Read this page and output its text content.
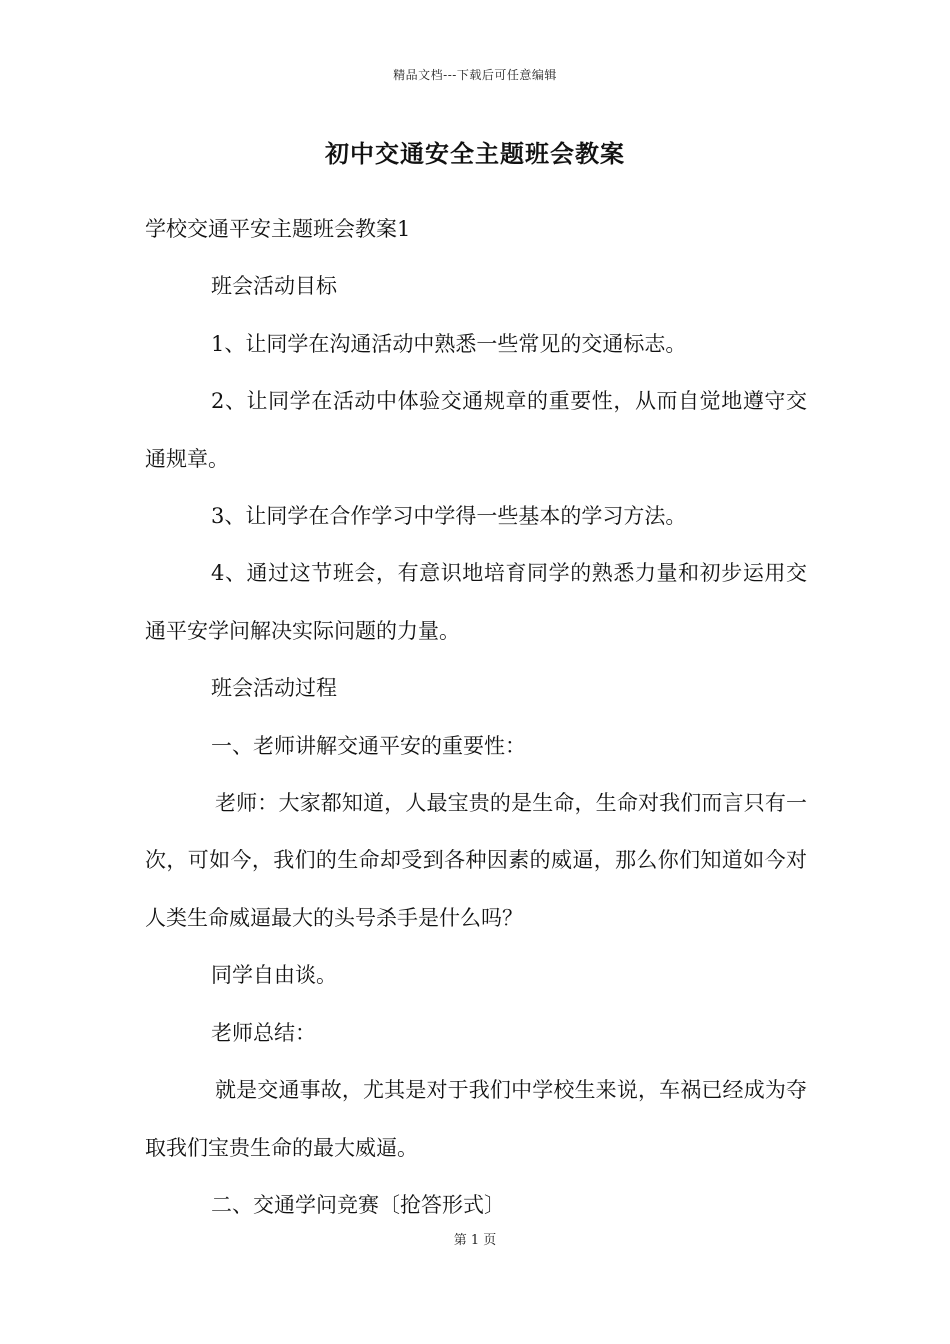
精品文档---下载后可任意编辑
初中交通安全主题班会教案

学校交通平安主题班会教案1

班会活动目标

1、让同学在沟通活动中熟悉一些常见的交通标志。

2、让同学在活动中体验交通规章的重要性，从而自觉地遵守交通规章。

3、让同学在合作学习中学得一些基本的学习方法。

4、通过这节班会，有意识地培育同学的熟悉力量和初步运用交通平安学问解决实际问题的力量。

班会活动过程

一、老师讲解交通平安的重要性：

老师：大家都知道，人最宝贵的是生命，生命对我们而言只有一次，可如今，我们的生命却受到各种因素的威逼，那么你们知道如今对人类生命威逼最大的头号杀手是什么吗？

同学自由谈。

老师总结：

就是交通事故，尤其是对于我们中学校生来说，车祸已经成为夺取我们宝贵生命的最大威逼。

二、交通学问竞赛〔抢答形式〕

第 1 页
